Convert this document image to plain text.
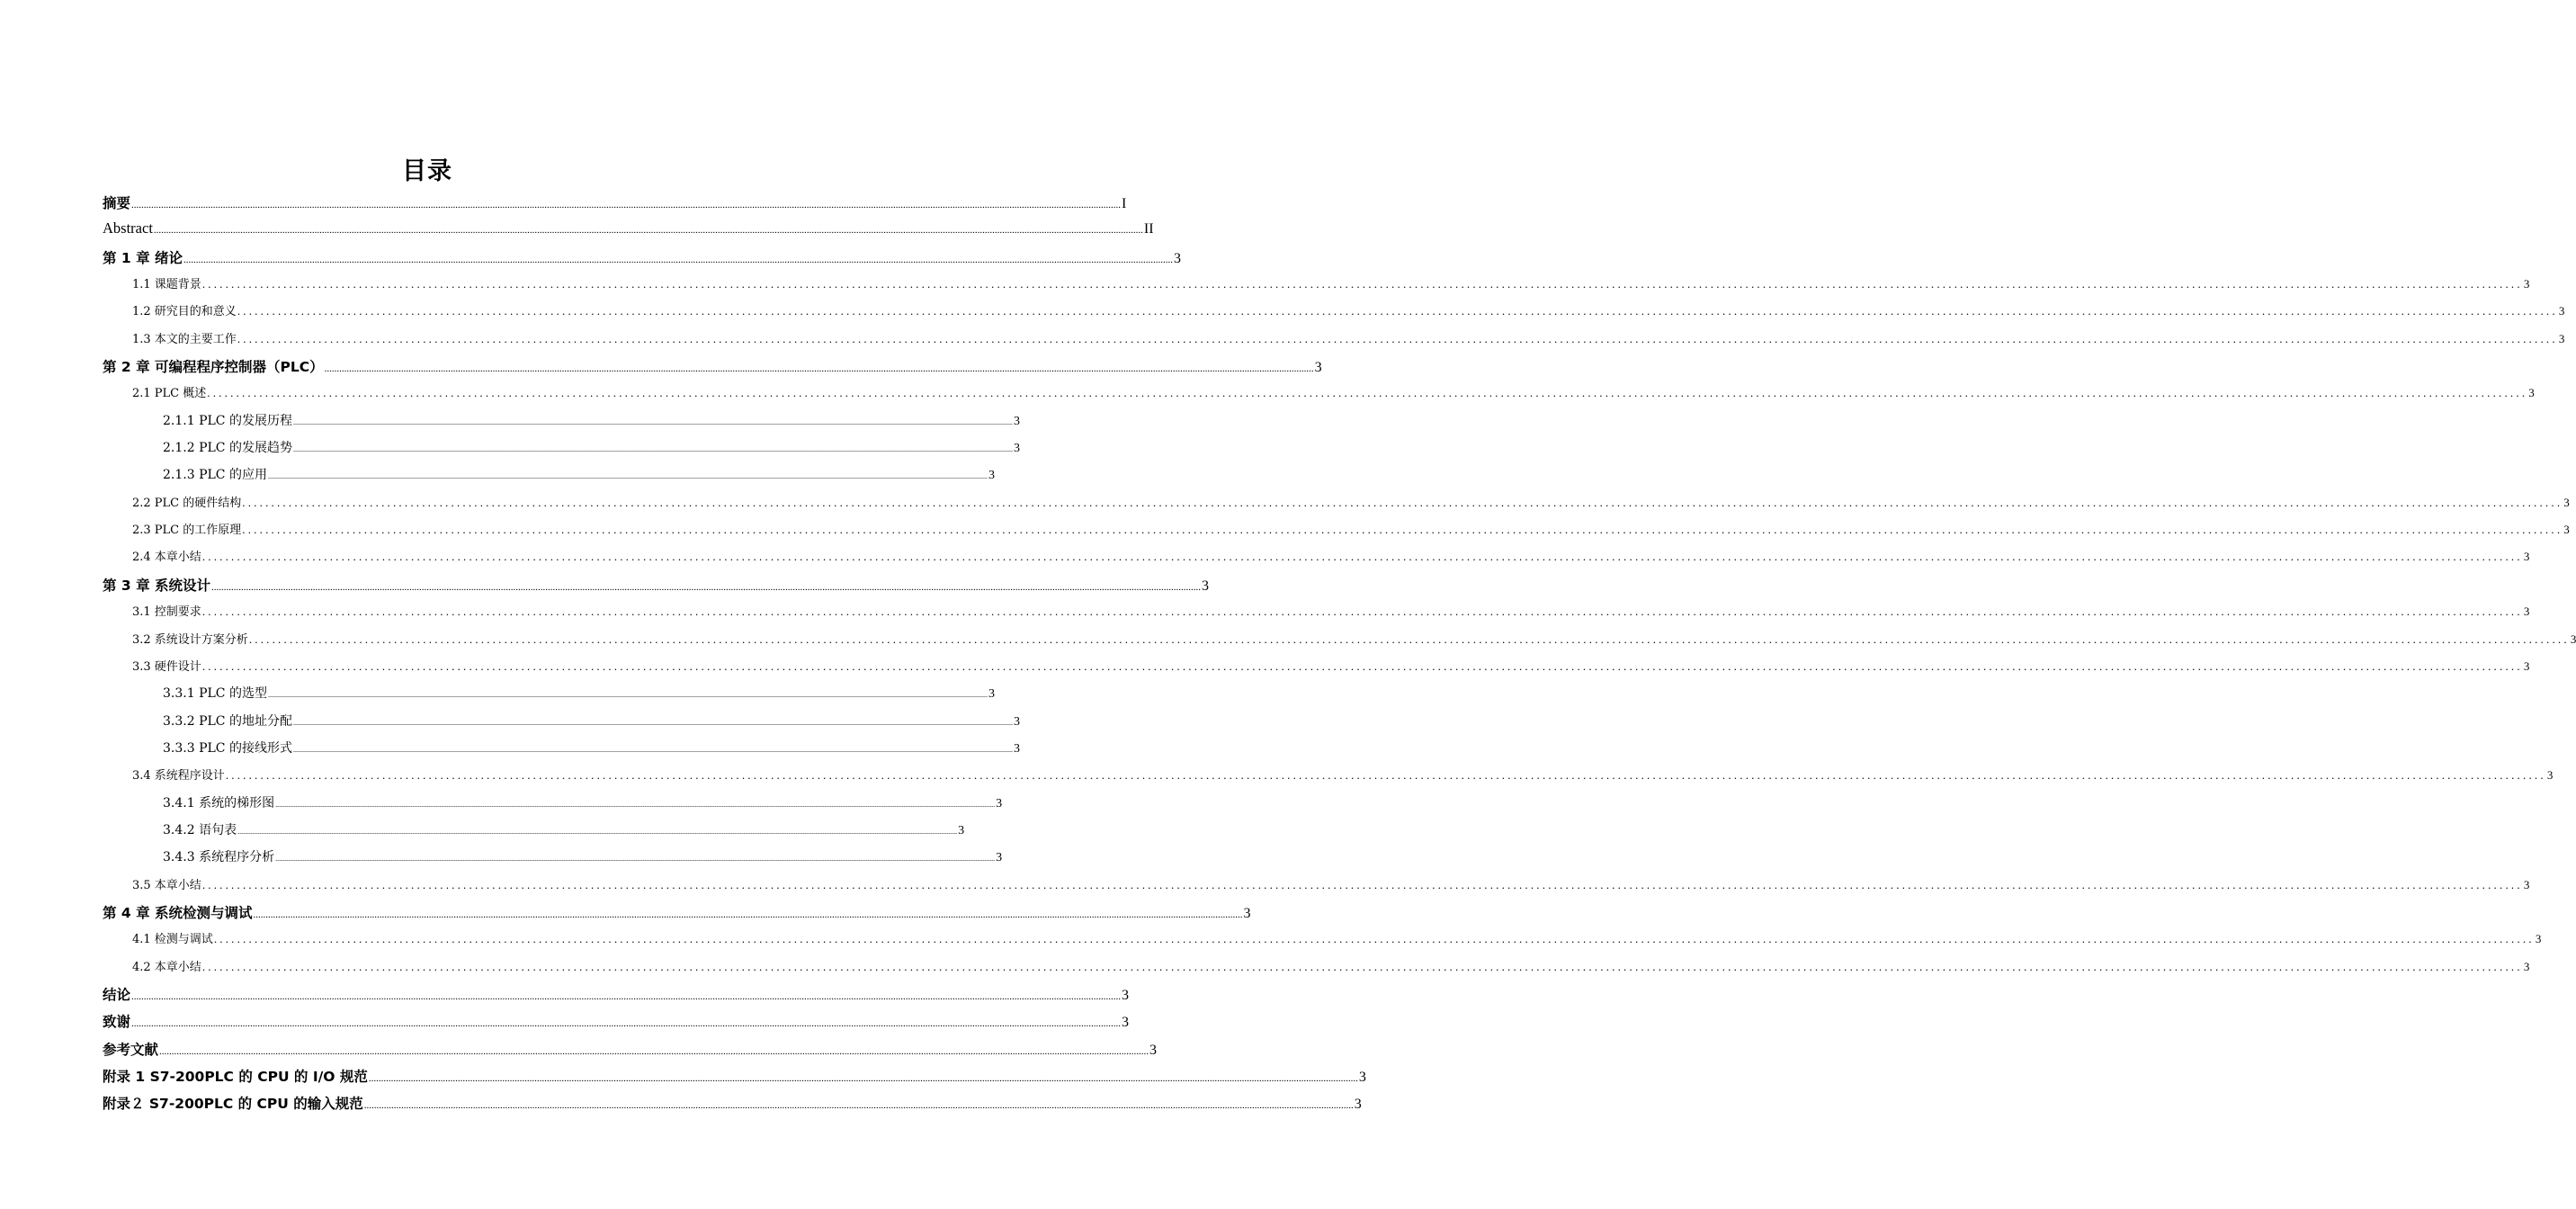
目录
摘要 ................................................................................................................................................................................................................................................................................................................................................................................................................ I
Abstract ................................................................................................................................................................................................................................................................................................................................................................................................................ II
第 1 章 绪论 ................................................................................................................................................................................................................................................................................................................................................................................................................ 3
1.1 课题背景 ................................................................................................................................................................................................................................................................................................................................................................................................................ 3
1.2 研究目的和意义 ................................................................................................................................................................................................................................................................................................................................................................................................................ 3
1.3 本文的主要工作 ................................................................................................................................................................................................................................................................................................................................................................................................................ 3
第 2 章 可编程程序控制器（PLC） ................................................................................................................................................................................................................................................................................................................................................................................................................ 3
2.1 PLC 概述 ................................................................................................................................................................................................................................................................................................................................................................................................................ 3
2.1.1 PLC 的发展历程 ................................................................................................................................................................................................................................................................................................................................................................................................................ 3
2.1.2 PLC 的发展趋势 ................................................................................................................................................................................................................................................................................................................................................................................................................ 3
2.1.3 PLC 的应用 ................................................................................................................................................................................................................................................................................................................................................................................................................ 3
2.2 PLC 的硬件结构 ................................................................................................................................................................................................................................................................................................................................................................................................................ 3
2.3 PLC 的工作原理 ................................................................................................................................................................................................................................................................................................................................................................................................................ 3
2.4 本章小结 ................................................................................................................................................................................................................................................................................................................................................................................................................ 3
第 3 章 系统设计 ................................................................................................................................................................................................................................................................................................................................................................................................................ 3
3.1 控制要求 ................................................................................................................................................................................................................................................................................................................................................................................................................ 3
3.2 系统设计方案分析 ................................................................................................................................................................................................................................................................................................................................................................................................................ 3
3.3 硬件设计 ................................................................................................................................................................................................................................................................................................................................................................................................................ 3
3.3.1 PLC 的选型 ................................................................................................................................................................................................................................................................................................................................................................................................................ 3
3.3.2 PLC 的地址分配 ................................................................................................................................................................................................................................................................................................................................................................................................................ 3
3.3.3 PLC 的接线形式 ................................................................................................................................................................................................................................................................................................................................................................................................................ 3
3.4 系统程序设计 ................................................................................................................................................................................................................................................................................................................................................................................................................ 3
3.4.1 系统的梯形图 ................................................................................................................................................................................................................................................................................................................................................................................................................ 3
3.4.2 语句表 ................................................................................................................................................................................................................................................................................................................................................................................................................ 3
3.4.3 系统程序分析 ................................................................................................................................................................................................................................................................................................................................................................................................................ 3
3.5 本章小结 ................................................................................................................................................................................................................................................................................................................................................................................................................ 3
第 4 章 系统检测与调试 ................................................................................................................................................................................................................................................................................................................................................................................................................ 3
4.1 检测与调试 ................................................................................................................................................................................................................................................................................................................................................................................................................ 3
4.2 本章小结 ................................................................................................................................................................................................................................................................................................................................................................................................................ 3
结论 ................................................................................................................................................................................................................................................................................................................................................................................................................ 3
致谢 ................................................................................................................................................................................................................................................................................................................................................................................................................ 3
参考文献 ................................................................................................................................................................................................................................................................................................................................................................................................................ 3
附录 1 S7-200PLC 的 CPU 的 I/O 规范 ................................................................................................................................................................................................................................................................................................................................................................................................................ 3
附录２ S7-200PLC 的 CPU 的输入规范 ................................................................................................................................................................................................................................................................................................................................................................................................................ 3
